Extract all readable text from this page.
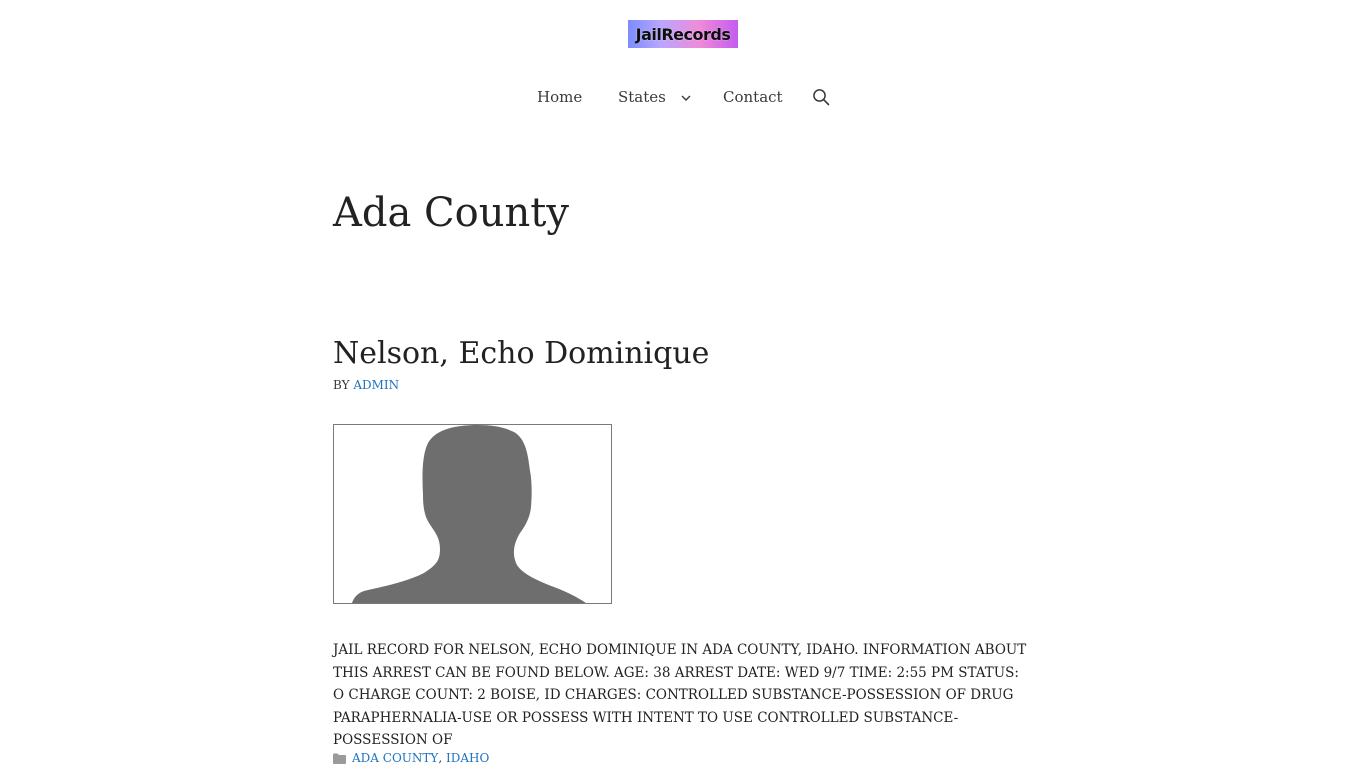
JailRecords
Home States	Contact
Ada County
Nelson, Echo Dominique
BY ADMIN

JAIL RECORD FOR NELSON, ECHO DOMINIQUE IN ADA COUNTY, IDAHO. INFORMATION ABOUT THIS ARREST CAN BE FOUND BELOW. AGE: 38 ARREST DATE: WED 9/7 TIME: 2:55 PM STATUS: O CHARGE COUNT: 2 BOISE, ID CHARGES: CONTROLLED SUBSTANCE-POSSESSION OF DRUG PARAPHERNALIA-USE OR POSSESS WITH INTENT TO USE CONTROLLED SUBSTANCE-POSSESSION OF

ADA COUNTY , IDAHO
